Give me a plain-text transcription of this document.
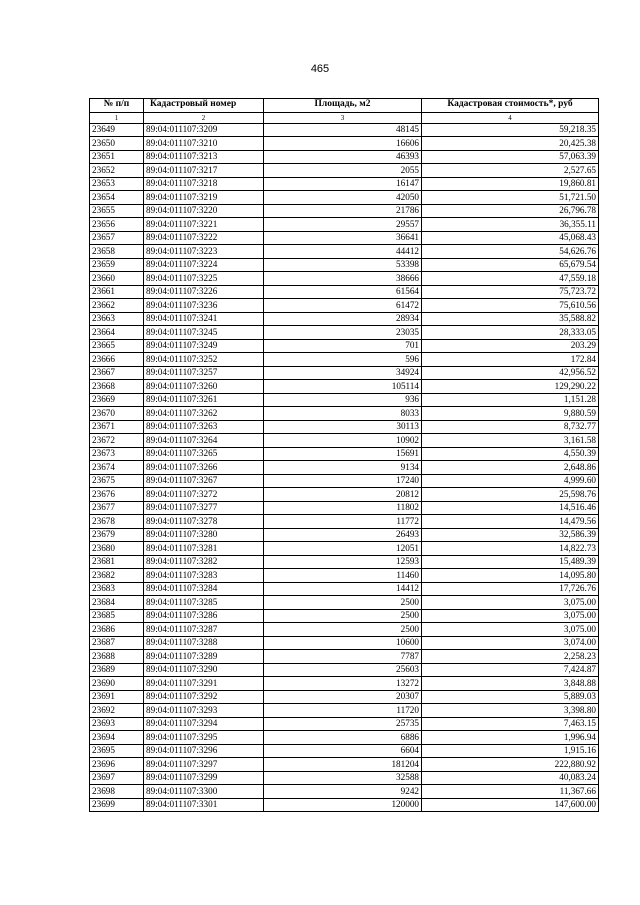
465
№ п/п	Кадастровый номер	Площадь, м2	Кадастровая стоимость*, руб
1	2	3	4
23649	89:04:011107:3209	48145	59,218.35
23650	89:04:011107:3210	16606	20,425.38
23651	89:04:011107:3213	46393	57,063.39
23652	89:04:011107:3217	2055	2,527.65
23653	89:04:011107:3218	16147	19,860.81
23654	89:04:011107:3219	42050	51,721.50
23655	89:04:011107:3220	21786	26,796.78
23656	89:04:011107:3221	29557	36,355.11
23657	89:04:011107:3222	36641	45,068.43
23658	89:04:011107:3223	44412	54,626.76
23659	89:04:011107:3224	53398	65,679.54
23660	89:04:011107:3225	38666	47,559.18
23661	89:04:011107:3226	61564	75,723.72
23662	89:04:011107:3236	61472	75,610.56
23663	89:04:011107:3241	28934	35,588.82
23664	89:04:011107:3245	23035	28,333.05
23665	89:04:011107:3249	701	203.29
23666	89:04:011107:3252	596	172.84
23667	89:04:011107:3257	34924	42,956.52
23668	89:04:011107:3260	105114	129,290.22
23669	89:04:011107:3261	936	1,151.28
23670	89:04:011107:3262	8033	9,880.59
23671	89:04:011107:3263	30113	8,732.77
23672	89:04:011107:3264	10902	3,161.58
23673	89:04:011107:3265	15691	4,550.39
23674	89:04:011107:3266	9134	2,648.86
23675	89:04:011107:3267	17240	4,999.60
23676	89:04:011107:3272	20812	25,598.76
23677	89:04:011107:3277	11802	14,516.46
23678	89:04:011107:3278	11772	14,479.56
23679	89:04:011107:3280	26493	32,586.39
23680	89:04:011107:3281	12051	14,822.73
23681	89:04:011107:3282	12593	15,489.39
23682	89:04:011107:3283	11460	14,095.80
23683	89:04:011107:3284	14412	17,726.76
23684	89:04:011107:3285	2500	3,075.00
23685	89:04:011107:3286	2500	3,075.00
23686	89:04:011107:3287	2500	3,075.00
23687	89:04:011107:3288	10600	3,074.00
23688	89:04:011107:3289	7787	2,258.23
23689	89:04:011107:3290	25603	7,424.87
23690	89:04:011107:3291	13272	3,848.88
23691	89:04:011107:3292	20307	5,889.03
23692	89:04:011107:3293	11720	3,398.80
23693	89:04:011107:3294	25735	7,463.15
23694	89:04:011107:3295	6886	1,996.94
23695	89:04:011107:3296	6604	1,915.16
23696	89:04:011107:3297	181204	222,880.92
23697	89:04:011107:3299	32588	40,083.24
23698	89:04:011107:3300	9242	11,367.66
23699	89:04:011107:3301	120000	147,600.00
